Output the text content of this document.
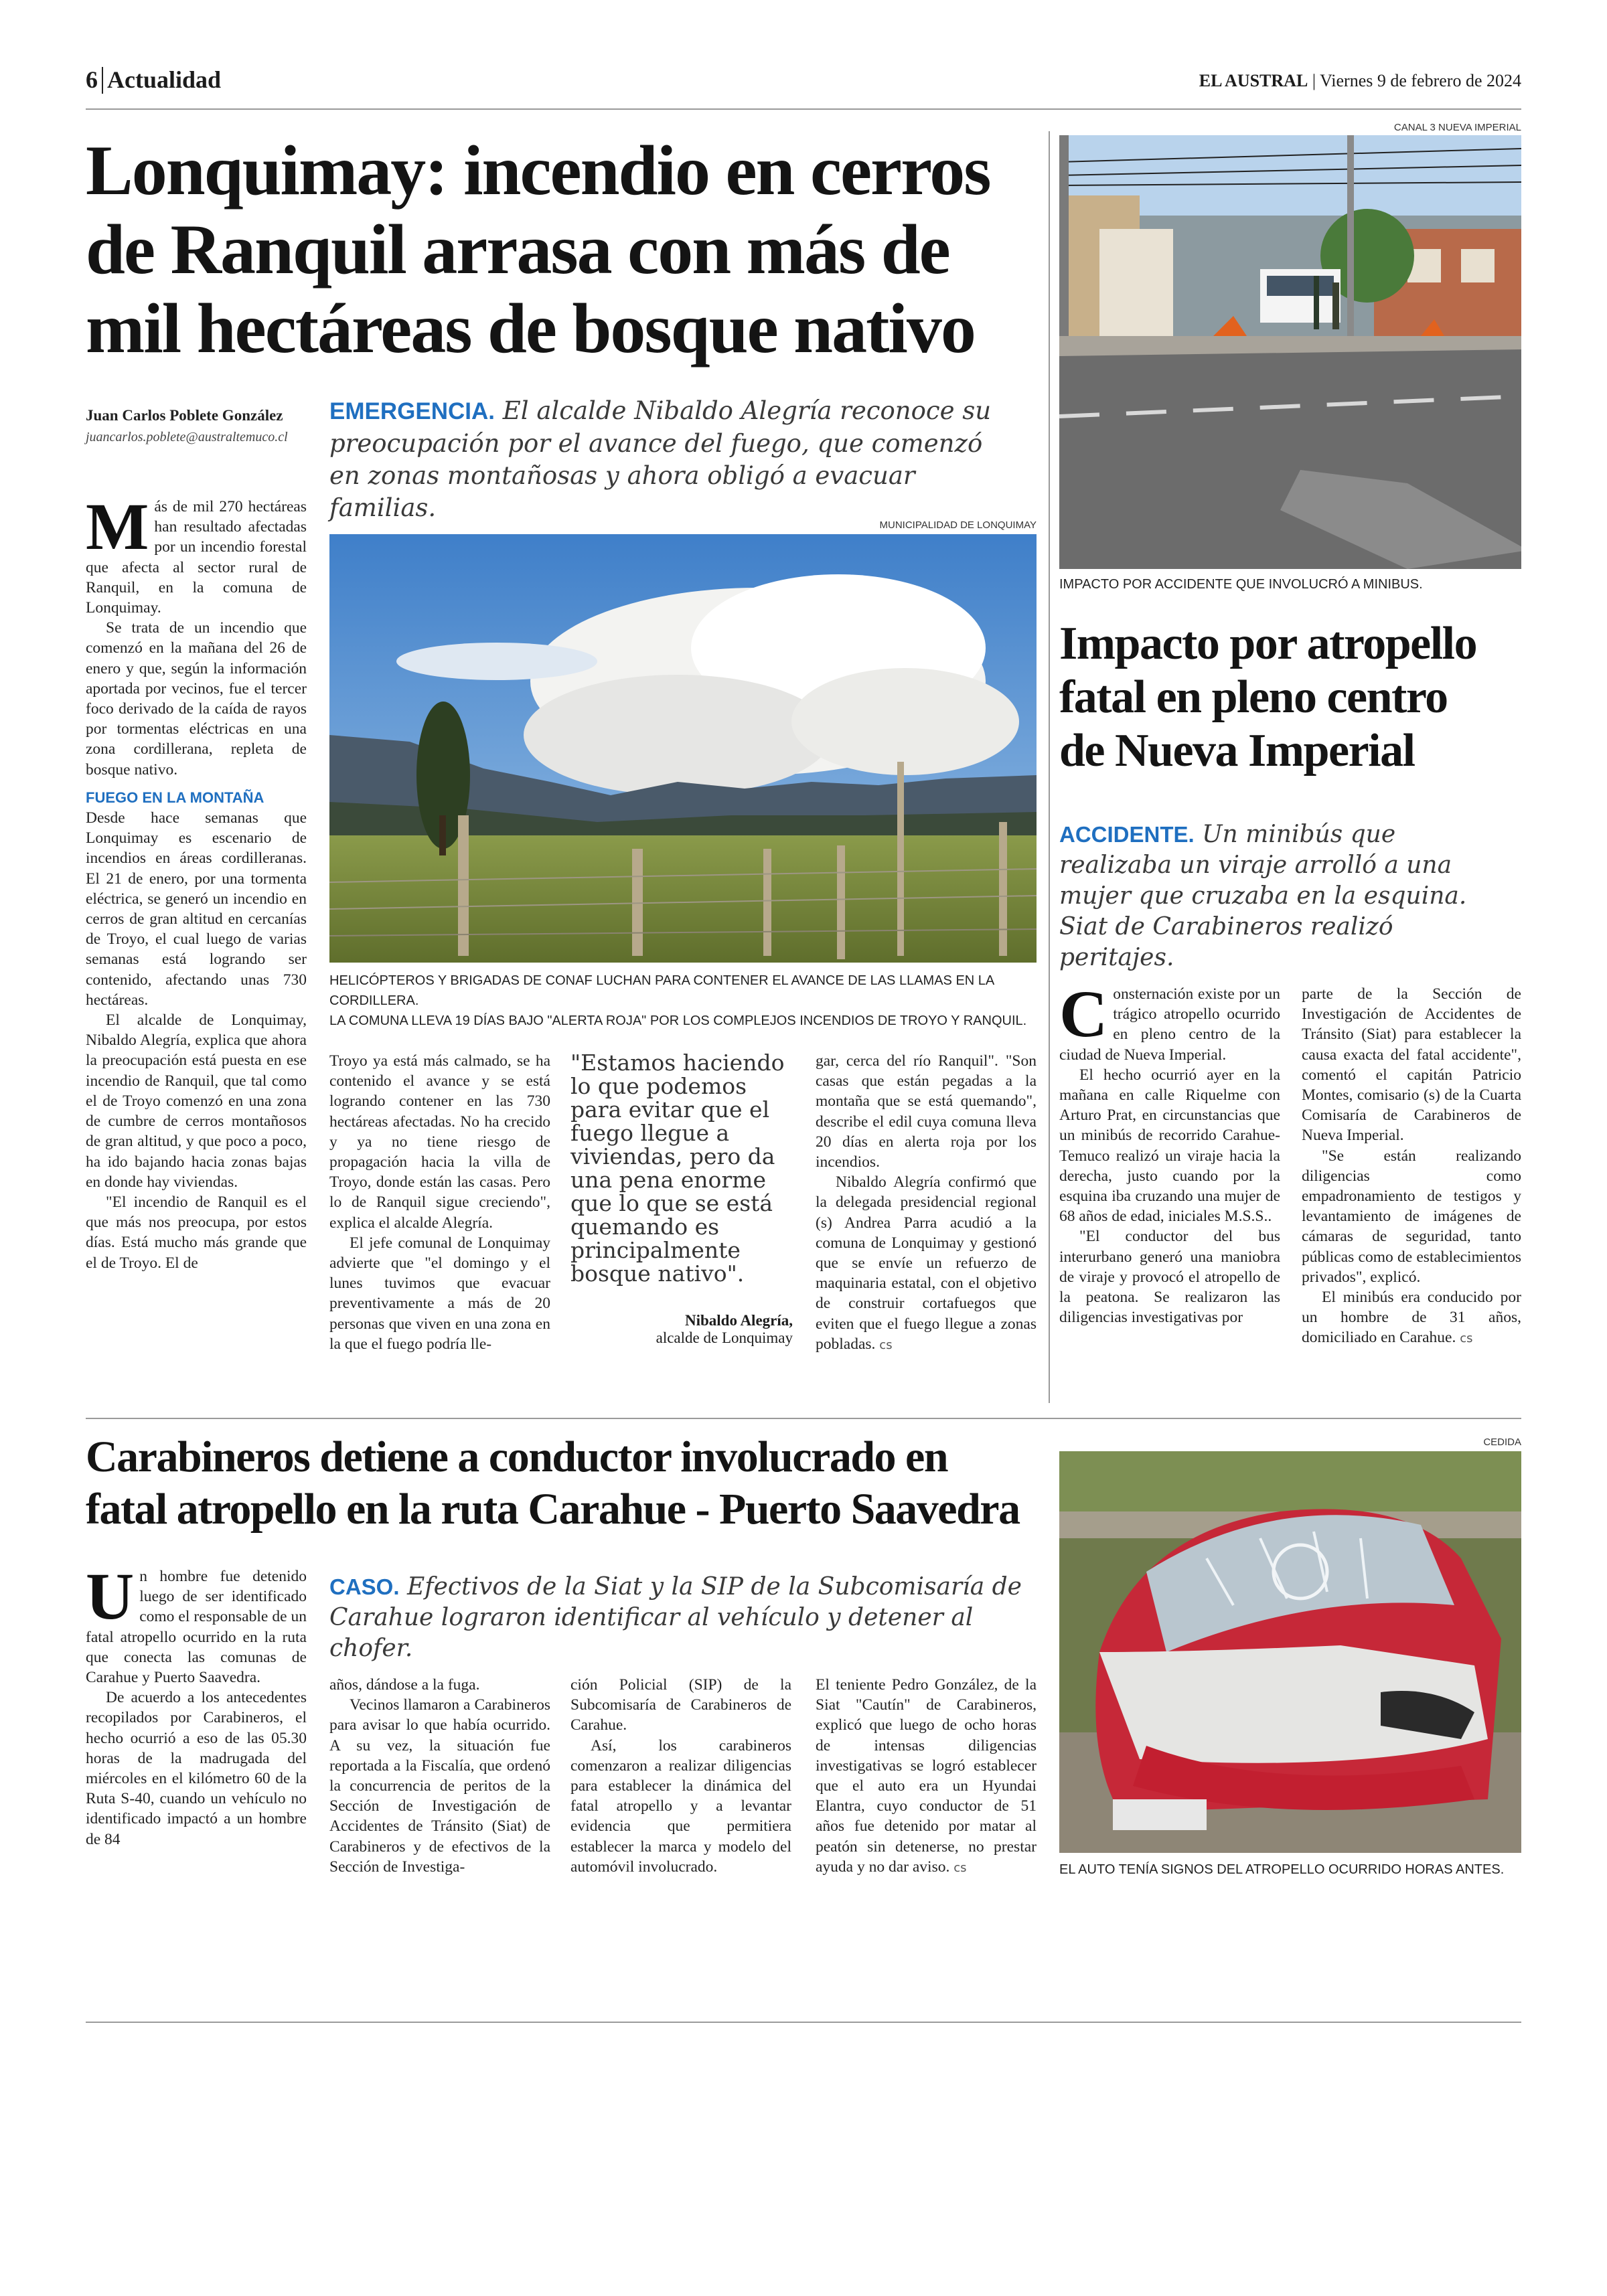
6 Actualidad	EL AUSTRAL | Viernes 9 de febrero de 2024
Lonquimay: incendio en cerros
de Ranquil arrasa con más de
mil hectáreas de bosque nativo
Juan Carlos Poblete González
juancarlos.poblete@australtemuco.cl
EMERGENCIA. El alcalde Nibaldo Alegría reconoce su preocupación por el avance del fuego, que comenzó en zonas montañosas y ahora obligó a evacuar familias.
MUNICIPALIDAD DE LONQUIMAY
HELICÓPTEROS Y BRIGADAS DE CONAF LUCHAN PARA CONTENER EL AVANCE DE LAS LLAMAS EN LA CORDILLERA.
LA COMUNA LLEVA 19 DÍAS BAJO "ALERTA ROJA" POR LOS COMPLEJOS INCENDIOS DE TROYO Y RANQUIL.

Más de mil 270 hectáreas han resultado afectadas por un incendio forestal que afecta al sector rural de Ranquil, en la comuna de Lonquimay.

Se trata de un incendio que comenzó en la mañana del 26 de enero y que, según la información aportada por vecinos, fue el tercer foco derivado de la caída de rayos por tormentas eléctricas en una zona cordillerana, repleta de bosque nativo.

FUEGO EN LA MONTAÑA

Desde hace semanas que Lonquimay es escenario de incendios en áreas cordilleranas. El 21 de enero, por una tormenta eléctrica, se generó un incendio en cerros de gran altitud en cercanías de Troyo, el cual luego de varias semanas está logrando ser contenido, afectando unas 730 hectáreas.

El alcalde de Lonquimay, Nibaldo Alegría, explica que ahora la preocupación está puesta en ese incendio de Ranquil, que tal como el de Troyo comenzó en una zona de cumbre de cerros montañosos de gran altitud, y que poco a poco, ha ido bajando hacia zonas bajas en donde hay viviendas.

"El incendio de Ranquil es el que más nos preocupa, por estos días. Está mucho más grande que el de Troyo. El de

Troyo ya está más calmado, se ha contenido el avance y se está logrando contener en las 730 hectáreas afectadas. No ha crecido y ya no tiene riesgo de propagación hacia la villa de Troyo, donde están las casas. Pero lo de Ranquil sigue creciendo", explica el alcalde Alegría.

El jefe comunal de Lonquimay advierte que "el domingo y el lunes tuvimos que evacuar preventivamente a más de 20 personas que viven en una zona en la que el fuego podría lle-

"Estamos haciendo lo que podemos para evitar que el fuego llegue a viviendas, pero da una pena enorme que lo que se está quemando es principalmente bosque nativo".
Nibaldo Alegría,
alcalde de Lonquimay

gar, cerca del río Ranquil". "Son casas que están pegadas a la montaña que se está quemando", describe el edil cuya comuna lleva 20 días en alerta roja por los incendios.

Nibaldo Alegría confirmó que la delegada presidencial regional (s) Andrea Parra acudió a la comuna de Lonquimay y gestionó que se envíe un refuerzo de maquinaria estatal, con el objetivo de construir cortafuegos que eviten que el fuego llegue a zonas pobladas. cs

CANAL 3 NUEVA IMPERIAL
IMPACTO POR ACCIDENTE QUE INVOLUCRÓ A MINIBUS.
Impacto por atropello
fatal en pleno centro
de Nueva Imperial
ACCIDENTE. Un minibús que realizaba un viraje arrolló a una mujer que cruzaba en la esquina. Siat de Carabineros realizó peritajes.

Consternación existe por un trágico atropello ocurrido en pleno centro de la ciudad de Nueva Imperial.

El hecho ocurrió ayer en la mañana en calle Riquelme con Arturo Prat, en circunstancias que un minibús de recorrido Carahue-Temuco realizó un viraje hacia la derecha, justo cuando por la esquina iba cruzando una mujer de 68 años de edad, iniciales M.S.S..

"El conductor del bus interurbano generó una maniobra de viraje y provocó el atropello de la peatona. Se realizaron las diligencias investigativas por

parte de la Sección de Investigación de Accidentes de Tránsito (Siat) para establecer la causa exacta del fatal accidente", comentó el capitán Patricio Montes, comisario (s) de la Cuarta Comisaría de Carabineros de Nueva Imperial.

"Se están realizando diligencias como empadronamiento de testigos y levantamiento de imágenes de cámaras de seguridad, tanto públicas como de establecimientos privados", explicó.

El minibús era conducido por un hombre de 31 años, domiciliado en Carahue. cs

Carabineros detiene a conductor involucrado en
fatal atropello en la ruta Carahue - Puerto Saavedra
CASO. Efectivos de la Siat y la SIP de la Subcomisaría de Carahue lograron identificar al vehículo y detener al chofer.

Un hombre fue detenido luego de ser identificado como el responsable de un fatal atropello ocurrido en la ruta que conecta las comunas de Carahue y Puerto Saavedra.

De acuerdo a los antecedentes recopilados por Carabineros, el hecho ocurrió a eso de las 05.30 horas de la madrugada del miércoles en el kilómetro 60 de la Ruta S-40, cuando un vehículo no identificado impactó a un hombre de 84

años, dándose a la fuga.

Vecinos llamaron a Carabineros para avisar lo que había ocurrido. A su vez, la situación fue reportada a la Fiscalía, que ordenó la concurrencia de peritos de la Sección de Investigación de Accidentes de Tránsito (Siat) de Carabineros y de efectivos de la Sección de Investiga-

ción Policial (SIP) de la Subcomisaría de Carabineros de Carahue.

Así, los carabineros comenzaron a realizar diligencias para establecer la dinámica del fatal atropello y a levantar evidencia que permitiera establecer la marca y modelo del automóvil involucrado.

El teniente Pedro González, de la Siat "Cautín" de Carabineros, explicó que luego de ocho horas de intensas diligencias investigativas se logró establecer que el auto era un Hyundai Elantra, cuyo conductor de 51 años fue detenido por matar al peatón sin detenerse, no prestar ayuda y no dar aviso. cs

CEDIDA
EL AUTO TENÍA SIGNOS DEL ATROPELLO OCURRIDO HORAS ANTES.
